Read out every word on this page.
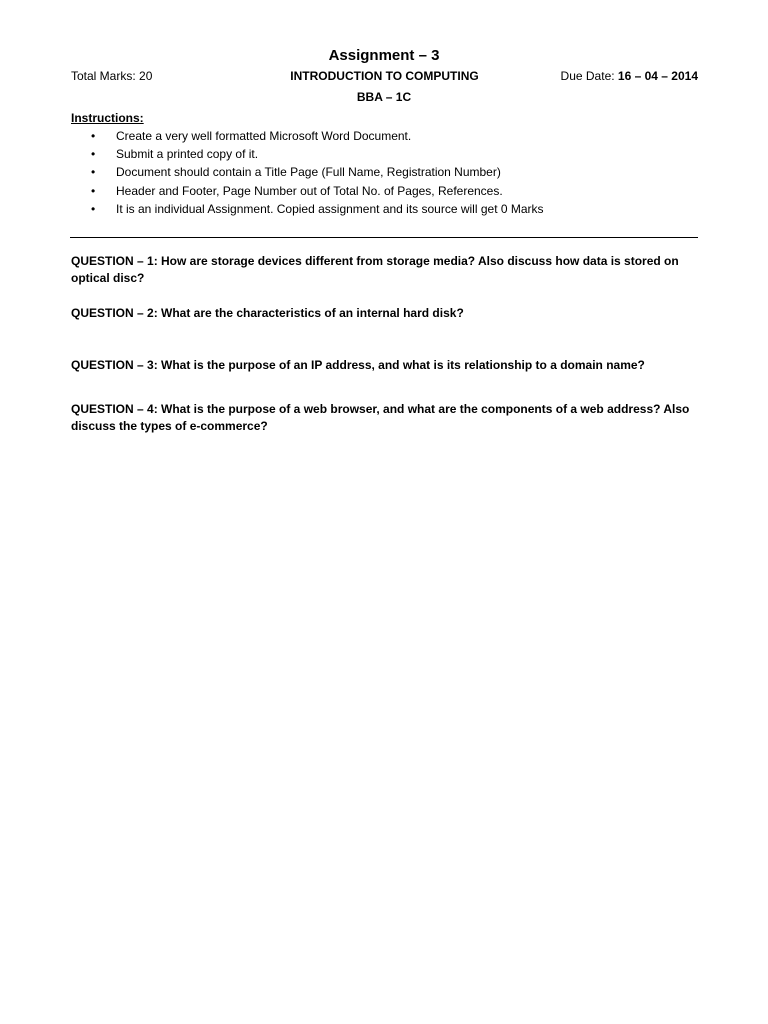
Assignment – 3
Total Marks: 20	INTRODUCTION TO COMPUTING	Due Date: 16 – 04 – 2014
BBA – 1C
Instructions:
• Create a very well formatted Microsoft Word Document.
• Submit a printed copy of it.
• Document should contain a Title Page (Full Name, Registration Number)
• Header and Footer, Page Number out of Total No. of Pages, References.
• It is an individual Assignment. Copied assignment and its source will get 0 Marks
QUESTION – 1: How are storage devices different from storage media? Also discuss how data is stored on optical disc?
QUESTION – 2: What are the characteristics of an internal hard disk?
QUESTION – 3: What is the purpose of an IP address, and what is its relationship to a domain name?
QUESTION – 4: What is the purpose of a web browser, and what are the components of a web address? Also discuss the types of e-commerce?
